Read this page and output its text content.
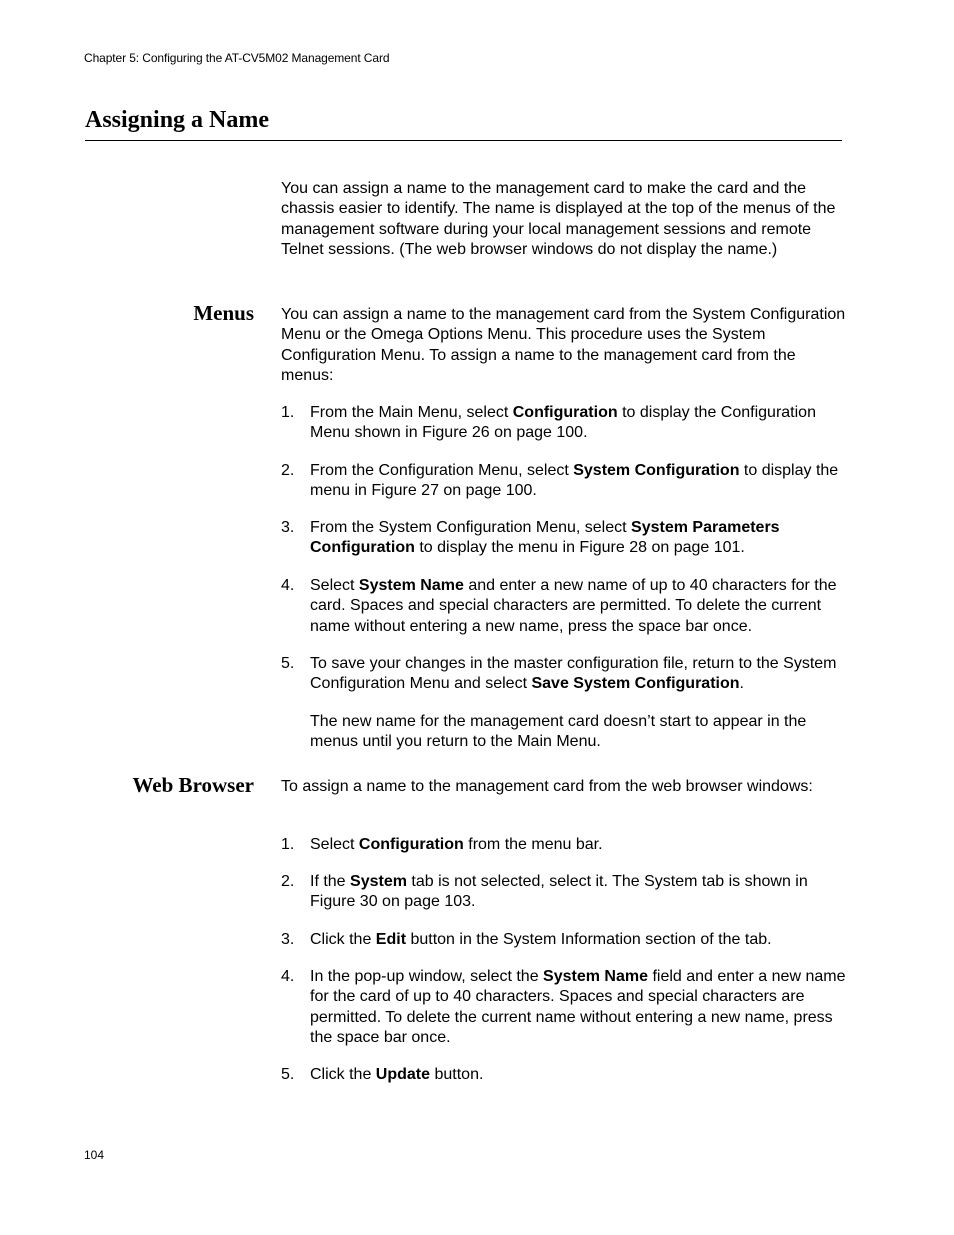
Chapter 5: Configuring the AT-CV5M02 Management Card
Assigning a Name

You can assign a name to the management card to make the card and the chassis easier to identify. The name is displayed at the top of the menus of the management software during your local management sessions and remote Telnet sessions. (The web browser windows do not display the name.)

Menus You can assign a name to the management card from the System Configuration Menu or the Omega Options Menu. This procedure uses the System Configuration Menu. To assign a name to the management card from the menus:

1. From the Main Menu, select Configuration to display the Configuration Menu shown in Figure 26 on page 100.
2. From the Configuration Menu, select System Configuration to display the menu in Figure 27 on page 100.
3. From the System Configuration Menu, select System Parameters Configuration to display the menu in Figure 28 on page 101.
4. Select System Name and enter a new name of up to 40 characters for the card. Spaces and special characters are permitted. To delete the current name without entering a new name, press the space bar once.
5. To save your changes in the master configuration file, return to the System Configuration Menu and select Save System Configuration.

The new name for the management card doesn’t start to appear in the menus until you return to the Main Menu.

Web Browser To assign a name to the management card from the web browser windows:

1. Select Configuration from the menu bar.
2. If the System tab is not selected, select it. The System tab is shown in Figure 30 on page 103.
3. Click the Edit button in the System Information section of the tab.
4. In the pop-up window, select the System Name field and enter a new name for the card of up to 40 characters. Spaces and special characters are permitted. To delete the current name without entering a new name, press the space bar once.
5. Click the Update button.
104
